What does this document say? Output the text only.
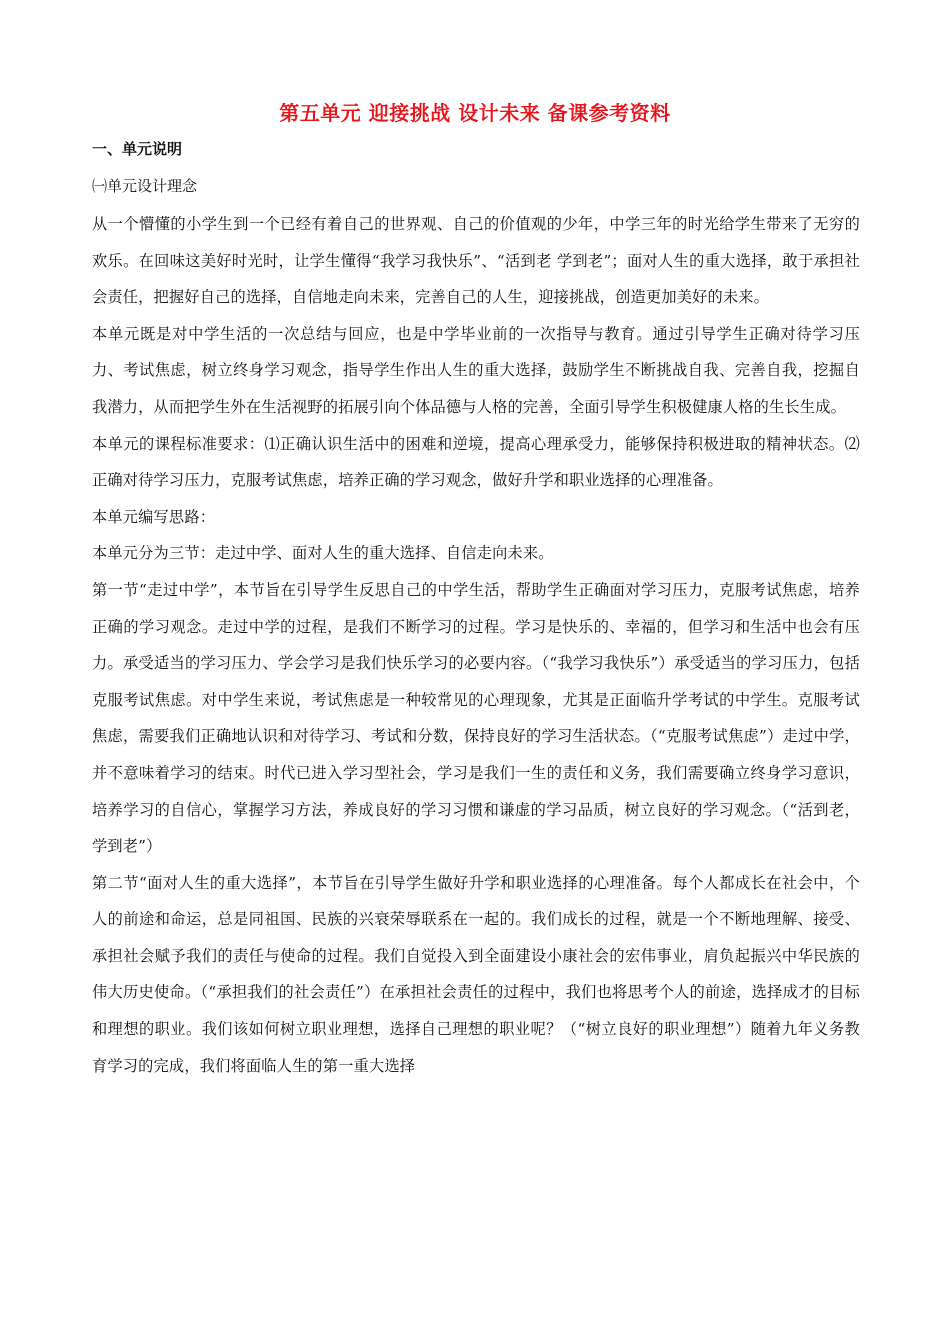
第五单元 迎接挑战 设计未来 备课参考资料
一、单元说明
㈠单元设计理念

从一个懵懂的小学生到一个已经有着自己的世界观、自己的价值观的少年，中学三年的时光给学生带来了无穷的欢乐。在回味这美好时光时，让学生懂得“我学习我快乐”、“活到老 学到老”；面对人生的重大选择，敢于承担社会责任，把握好自己的选择，自信地走向未来，完善自己的人生，迎接挑战，创造更加美好的未来。

本单元既是对中学生活的一次总结与回应，也是中学毕业前的一次指导与教育。通过引导学生正确对待学习压力、考试焦虑，树立终身学习观念，指导学生作出人生的重大选择，鼓励学生不断挑战自我、完善自我，挖掘自我潜力，从而把学生外在生活视野的拓展引向个体品德与人格的完善，全面引导学生积极健康人格的生长生成。

本单元的课程标准要求：⑴正确认识生活中的困难和逆境，提高心理承受力，能够保持积极进取的精神状态。⑵正确对待学习压力，克服考试焦虑，培养正确的学习观念，做好升学和职业选择的心理准备。

本单元编写思路：

本单元分为三节：走过中学、面对人生的重大选择、自信走向未来。

第一节“走过中学”，本节旨在引导学生反思自己的中学生活，帮助学生正确面对学习压力，克服考试焦虑，培养正确的学习观念。走过中学的过程，是我们不断学习的过程。学习是快乐的、幸福的，但学习和生活中也会有压力。承受适当的学习压力、学会学习是我们快乐学习的必要内容。（“我学习我快乐”）承受适当的学习压力，包括克服考试焦虑。对中学生来说，考试焦虑是一种较常见的心理现象，尤其是正面临升学考试的中学生。克服考试焦虑，需要我们正确地认识和对待学习、考试和分数，保持良好的学习生活状态。（“克服考试焦虑”）走过中学，并不意味着学习的结束。时代已进入学习型社会，学习是我们一生的责任和义务，我们需要确立终身学习意识，培养学习的自信心，掌握学习方法，养成良好的学习习惯和谦虚的学习品质，树立良好的学习观念。（“活到老，学到老”）

第二节“面对人生的重大选择”，本节旨在引导学生做好升学和职业选择的心理准备。每个人都成长在社会中，个人的前途和命运，总是同祖国、民族的兴衰荣辱联系在一起的。我们成长的过程，就是一个不断地理解、接受、承担社会赋予我们的责任与使命的过程。我们自觉投入到全面建设小康社会的宏伟事业，肩负起振兴中华民族的伟大历史使命。（“承担我们的社会责任”）在承担社会责任的过程中，我们也将思考个人的前途，选择成才的目标和理想的职业。我们该如何树立职业理想，选择自己理想的职业呢？（“树立良好的职业理想”）随着九年义务教育学习的完成，我们将面临人生的第一重大选择
